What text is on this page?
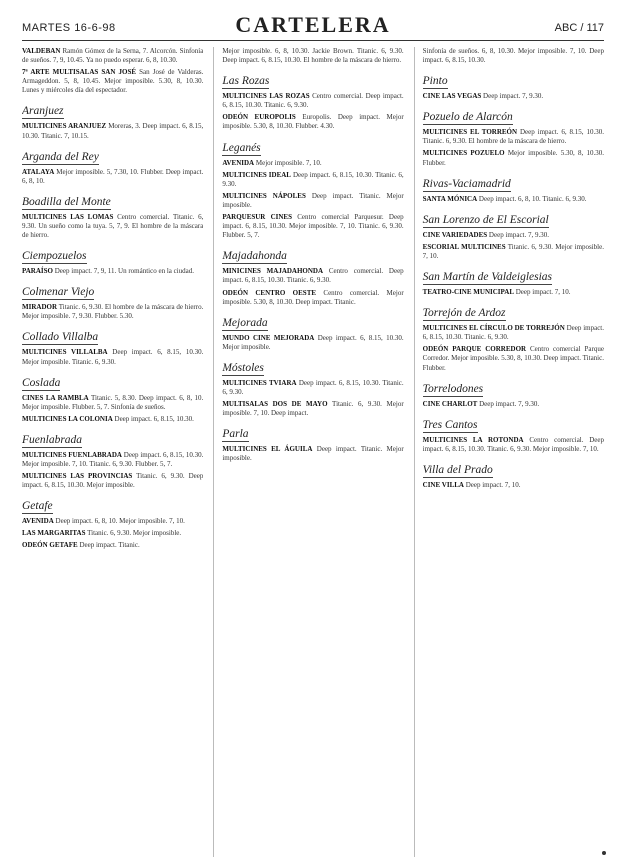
MARTES 16-6-98	CARTELERA	ABC / 117

VALDEBAN Ramón Gómez de la Serna, 7. Alcorcón. Sinfonía de sueños. 7, 9, 10.45. Ya no puedo esperar. 6, 8, 10.30.

7ª ARTE MULTISALAS SAN JOSÉ San José de Valderas. Armageddon. 5, 8, 10.45. Mejor imposible. 5.30, 8, 10.30. Lunes y miércoles día del espectador.

Aranjuez

MULTICINES ARANJUEZ Moreras, 3. Deep impact. 6, 8.15, 10.30. Titanic. 7, 10.15.

Arganda del Rey

ATALAYA Mejor imposible. 5, 7.30, 10. Flubber. Deep impact. 6, 8, 10.

Boadilla del Monte

MULTICINES LAS LOMAS Centro comercial. Titanic. 6, 9.30. Un sueño como la tuya. 5, 7, 9. El hombre de la máscara de hierro.

Ciempozuelos

PARAÍSO Deep impact. 7, 9, 11. Un romántico en la ciudad.

Colmenar Viejo

MIRADOR Titanic. 6, 9.30. El hombre de la máscara de hierro. Mejor imposible. 7, 9.30. Flubber. 5.30.

Collado Villalba

MULTICINES VILLALBA Deep impact. 6, 8.15, 10.30. Mejor imposible. Titanic. 6, 9.30.

Coslada

CINES LA RAMBLA Titanic. 5, 8.30. Deep impact. 6, 8, 10. Mejor imposible. Flubber. 5, 7. Sinfonía de sueños.

MULTICINES LA COLONIA Deep impact. 6, 8.15, 10.30.

Fuenlabrada

MULTICINES FUENLABRADA Deep impact. 6, 8.15, 10.30. Mejor imposible. 7, 10. Titanic. 6, 9.30. Flubber. 5, 7.

MULTICINES LAS PROVINCIAS Titanic. 6, 9.30. Deep impact. 6, 8.15, 10.30. Mejor imposible.

Getafe

AVENIDA Deep impact. 6, 8, 10. Mejor imposible. 7, 10.

LAS MARGARITAS Titanic. 6, 9.30. Mejor imposible.

ODEÓN GETAFE Deep impact. Titanic.

Mejor imposible. 6, 8, 10.30. Jackie Brown. Titanic. 6, 9.30. Deep impact. 6, 8.15, 10.30. El hombre de la máscara de hierro.

Las Rozas

MULTICINES LAS ROZAS Centro comercial. Deep impact. 6, 8.15, 10.30. Titanic. 6, 9.30.

ODEÓN EUROPOLIS Europolis. Deep impact. Mejor imposible. 5.30, 8, 10.30. Flubber. 4.30.

Leganés

AVENIDA Mejor imposible. 7, 10.

MULTICINES IDEAL Deep impact. 6, 8.15, 10.30. Titanic. 6, 9.30.

MULTICINES NÁPOLES Deep impact. Titanic. Mejor imposible.

PARQUESUR CINES Centro comercial Parquesur. Deep impact. 6, 8.15, 10.30. Mejor imposible. 7, 10. Titanic. 6, 9.30. Flubber. 5, 7.

Majadahonda

MINICINES MAJADAHONDA Centro comercial. Deep impact. 6, 8.15, 10.30. Titanic. 6, 9.30.

ODEÓN CENTRO OESTE Centro comercial. Mejor imposible. 5.30, 8, 10.30. Deep impact. Titanic.

Mejorada

MUNDO CINE MEJORADA Deep impact. 6, 8.15, 10.30. Mejor imposible.

Móstoles

MULTICINES TVIARA Deep impact. 6, 8.15, 10.30. Titanic. 6, 9.30.

MULTISALAS DOS DE MAYO Titanic. 6, 9.30. Mejor imposible. 7, 10. Deep impact.

Parla

MULTICINES EL ÁGUILA Deep impact. Titanic. Mejor imposible.

Sinfonía de sueños. 6, 8, 10.30. Mejor imposible. 7, 10. Deep impact. 6, 8.15, 10.30.

Pinto

CINE LAS VEGAS Deep impact. 7, 9.30.

Pozuelo de Alarcón

MULTICINES EL TORREÓN Deep impact. 6, 8.15, 10.30. Titanic. 6, 9.30. El hombre de la máscara de hierro.

MULTICINES POZUELO Mejor imposible. 5.30, 8, 10.30. Flubber.

Rivas-Vaciamadrid

SANTA MÓNICA Deep impact. 6, 8, 10. Titanic. 6, 9.30.

San Lorenzo de El Escorial

CINE VARIEDADES Deep impact. 7, 9.30.

ESCORIAL MULTICINES Titanic. 6, 9.30. Mejor imposible. 7, 10.

San Martín de Valdeiglesias

TEATRO-CINE MUNICIPAL Deep impact. 7, 10.

Torrejón de Ardoz

MULTICINES EL CÍRCULO DE TORREJÓN Deep impact. 6, 8.15, 10.30. Titanic. 6, 9.30.

ODEÓN PARQUE CORREDOR Centro comercial Parque Corredor. Mejor imposible. 5.30, 8, 10.30. Deep impact. Titanic. Flubber.

Torrelodones

CINE CHARLOT Deep impact. 7, 9.30.

Tres Cantos

MULTICINES LA ROTONDA Centro comercial. Deep impact. 6, 8.15, 10.30. Titanic. 6, 9.30. Mejor imposible. 7, 10.

Villa del Prado

CINE VILLA Deep impact. 7, 10.
